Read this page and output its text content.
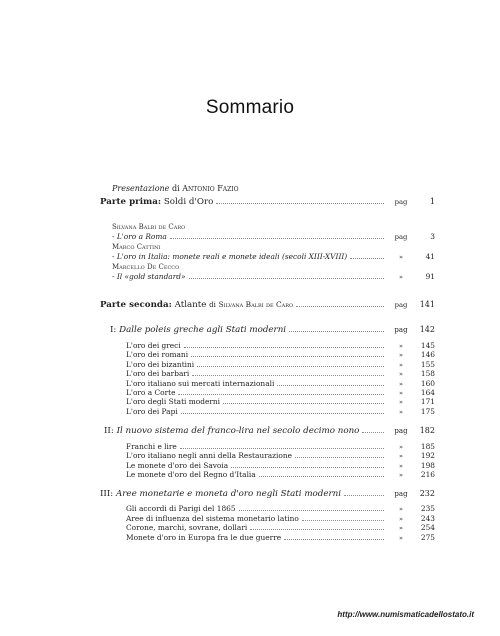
Sommario
Presentazione di Antonio Fazio
Parte prima: Soldi d'Oro	pag	1
Silvana Balbi de Caro
- L'oro a Roma	pag	3
Marco Cattini
- L'oro in Italia: monete reali e monete ideali (secoli XIII-XVIII)	»	41
Marcello De Cecco
- Il «gold standard»	»	91
Parte seconda: Atlante di Silvana Balbi de Caro	pag	141
I: Dalle poleis greche agli Stati moderni	pag	142
L'oro dei greci	»	145
L'oro dei romani	»	146
L'oro dei bizantini	»	155
L'oro dei barbari	»	158
L'oro italiano sui mercati internazionali	»	160
L'oro a Corte	»	164
L'oro degli Stati moderni	»	171
L'oro dei Papi	»	175
II: Il nuovo sistema del franco-lira nel secolo decimo nono	pag	182
Franchi e lire	»	185
L'oro italiano negli anni della Restaurazione	»	192
Le monete d'oro dei Savoia	»	198
Le monete d'oro del Regno d'Italia	»	216
III: Aree monetarie e moneta d'oro negli Stati moderni	pag	232
Gli accordi di Parigi del 1865	»	235
Aree di influenza del sistema monetario latino	»	243
Corone, marchi, sovrane, dollari	»	254
Monete d'oro in Europa fra le due guerre	»	275
http://www.numismaticadellostato.it
